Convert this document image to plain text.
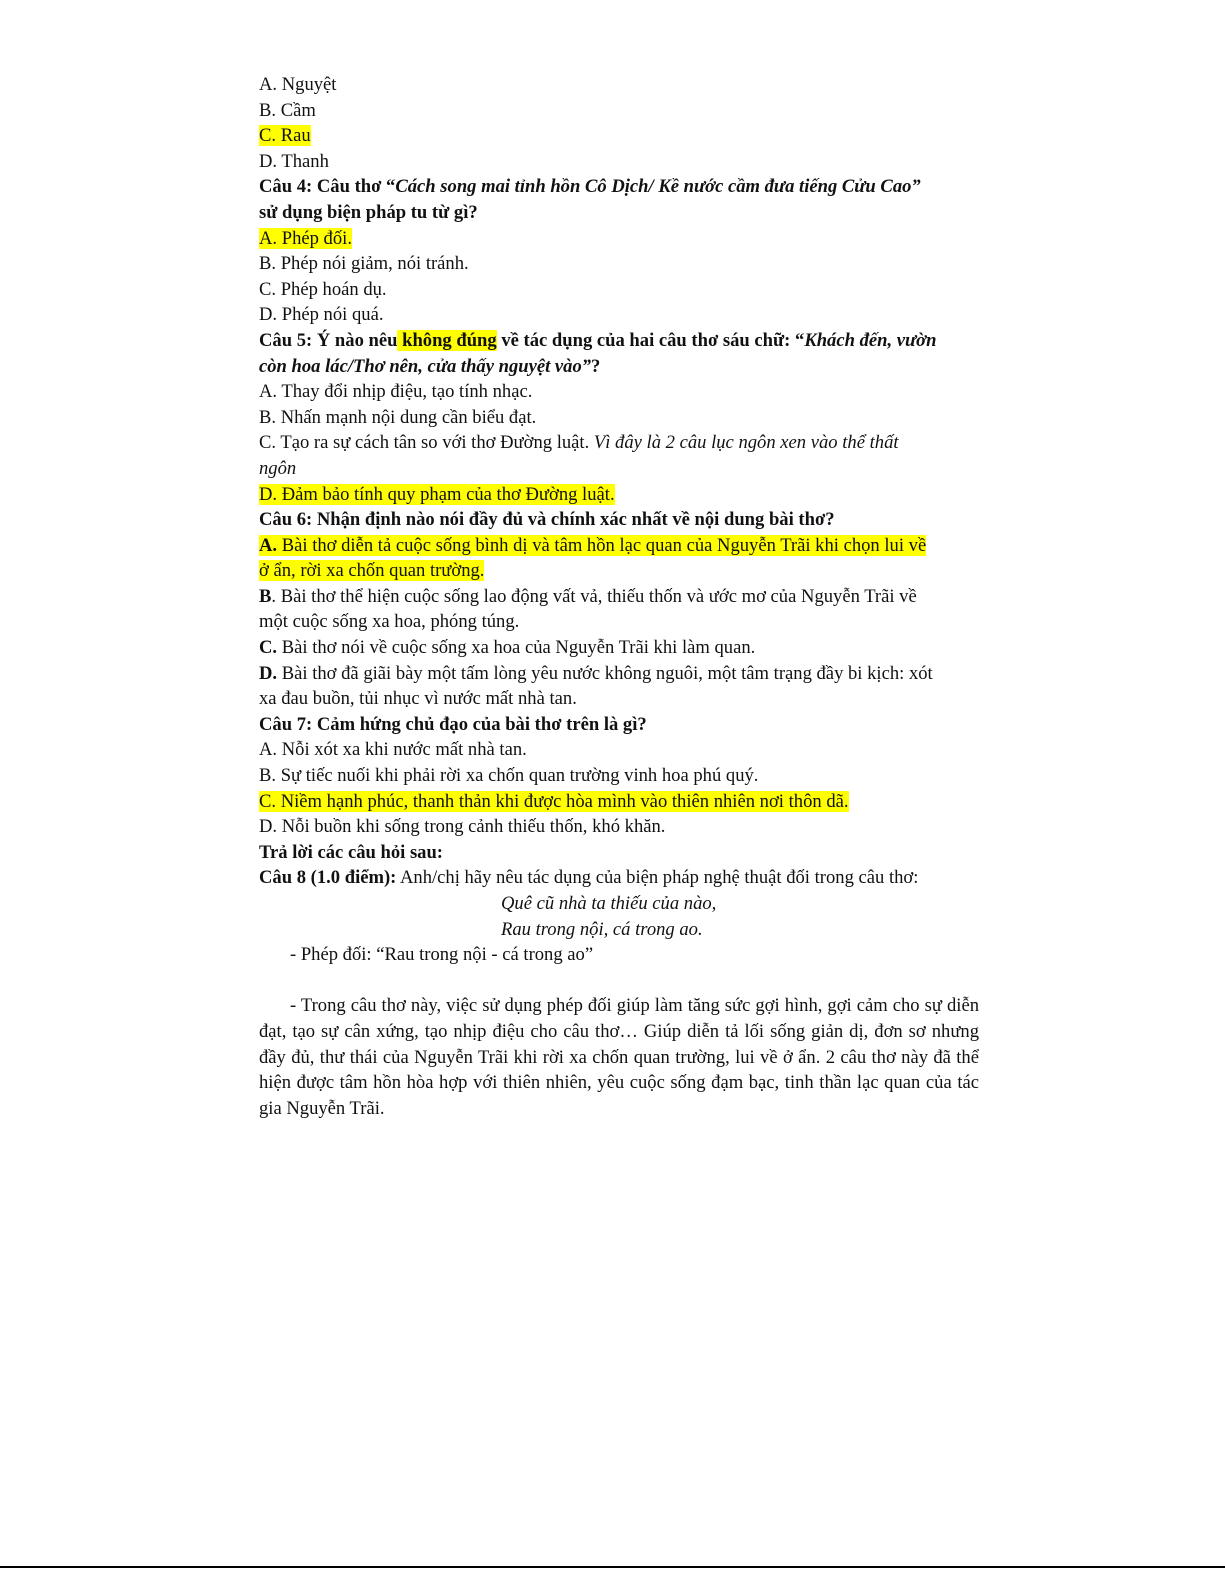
A. Nguyệt
B. Cầm
C. Rau
D. Thanh
Câu 4: Câu thơ “Cách song mai tỉnh hồn Cô Dịch/ Kề nước cầm đưa tiếng Cửu Cao”
sử dụng biện pháp tu từ gì?
A. Phép đối.
B. Phép nói giảm, nói tránh.
C. Phép hoán dụ.
D. Phép nói quá.
Câu 5: Ý nào nêu không đúng về tác dụng của hai câu thơ sáu chữ: “Khách đến, vườn
còn hoa lác/Thơ nên, cửa thấy nguyệt vào”?
A. Thay đổi nhịp điệu, tạo tính nhạc.
B. Nhấn mạnh nội dung cần biểu đạt.
C. Tạo ra sự cách tân so với thơ Đường luật. Vì đây là 2 câu lục ngôn xen vào thể thất
ngôn
D. Đảm bảo tính quy phạm của thơ Đường luật.
Câu 6: Nhận định nào nói đầy đủ và chính xác nhất về nội dung bài thơ?
A. Bài thơ diễn tả cuộc sống bình dị và tâm hồn lạc quan của Nguyễn Trãi khi chọn lui về
ở ẩn, rời xa chốn quan trường.
B. Bài thơ thể hiện cuộc sống lao động vất vả, thiếu thốn và ước mơ của Nguyễn Trãi về
một cuộc sống xa hoa, phóng túng.
C. Bài thơ nói về cuộc sống xa hoa của Nguyễn Trãi khi làm quan.
D. Bài thơ đã giãi bày một tấm lòng yêu nước không nguôi, một tâm trạng đầy bi kịch: xót
xa đau buồn, tủi nhục vì nước mất nhà tan.
Câu 7: Cảm hứng chủ đạo của bài thơ trên là gì?
A. Nỗi xót xa khi nước mất nhà tan.
B. Sự tiếc nuối khi phải rời xa chốn quan trường vinh hoa phú quý.
C. Niềm hạnh phúc, thanh thản khi được hòa mình vào thiên nhiên nơi thôn dã.
D. Nỗi buồn khi sống trong cảnh thiếu thốn, khó khăn.
Trả lời các câu hỏi sau:
Câu 8 (1.0 điểm): Anh/chị hãy nêu tác dụng của biện pháp nghệ thuật đối trong câu thơ:
Quê cũ nhà ta thiếu của nào,
Rau trong nội, cá trong ao.
- Phép đối: “Rau trong nội - cá trong ao”
- Trong câu thơ này, việc sử dụng phép đối giúp làm tăng sức gợi hình, gợi cảm cho sự diễn đạt, tạo sự cân xứng, tạo nhịp điệu cho câu thơ… Giúp diễn tả lối sống giản dị, đơn sơ nhưng đầy đủ, thư thái của Nguyễn Trãi khi rời xa chốn quan trường, lui về ở ẩn. 2 câu thơ này đã thể hiện được tâm hồn hòa hợp với thiên nhiên, yêu cuộc sống đạm bạc, tinh thần lạc quan của tác gia Nguyễn Trãi.
